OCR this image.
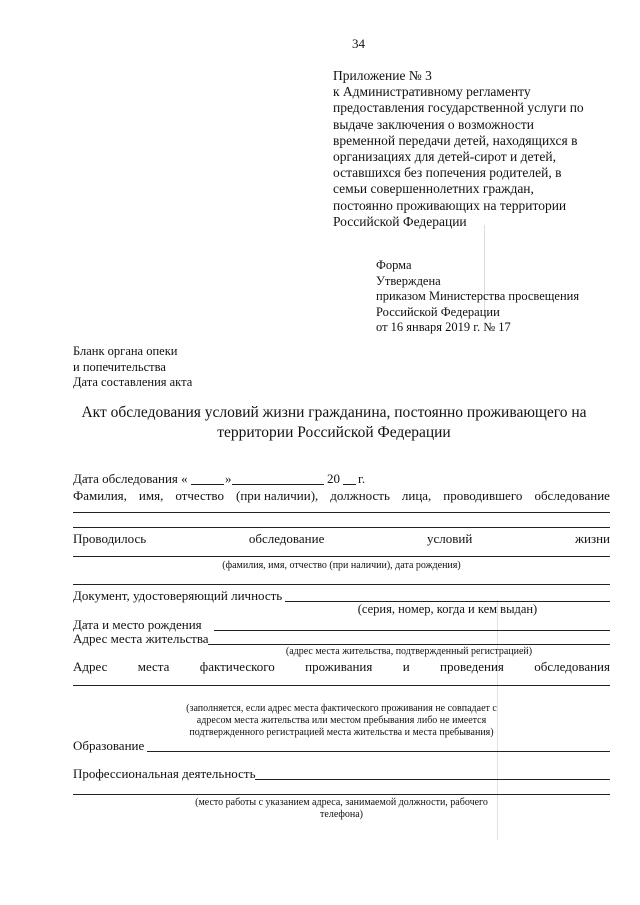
34
Приложение № 3
к Административному регламенту
предоставления государственной услуги по
выдаче заключения о возможности
временной передачи детей, находящихся в
организациях для детей-сирот и детей,
оставшихся без попечения родителей, в
семьи совершеннолетних граждан,
постоянно проживающих на территории
Российской Федерации
Форма
Утверждена
приказом Министерства просвещения
Российской Федерации
от 16 января 2019 г. № 17
Бланк органа опеки
и попечительства
Дата составления акта
Акт обследования условий жизни гражданина, постоянно проживающего на
территории Российской Федерации
Дата обследования «	»	20 г.
Фамилия, имя, отчество (при наличии), должность лица, проводившего обследование
Проводилось	обследование	условий	жизни
(фамилия, имя, отчество (при наличии), дата рождения)
Документ, удостоверяющий личность
(серия, номер, когда и кем выдан)
Дата и место рождения
Адрес места жительства
(адрес места жительства, подтвержденный регистрацией)
Адрес места фактического проживания и проведения обследования
(заполняется, если адрес места фактического проживания не совпадает с
адресом места жительства или местом пребывания либо не имеется
подтвержденного регистрацией места жительства и места пребывания)
Образование
Профессиональная деятельность
(место работы с указанием адреса, занимаемой должности, рабочего
телефона)
